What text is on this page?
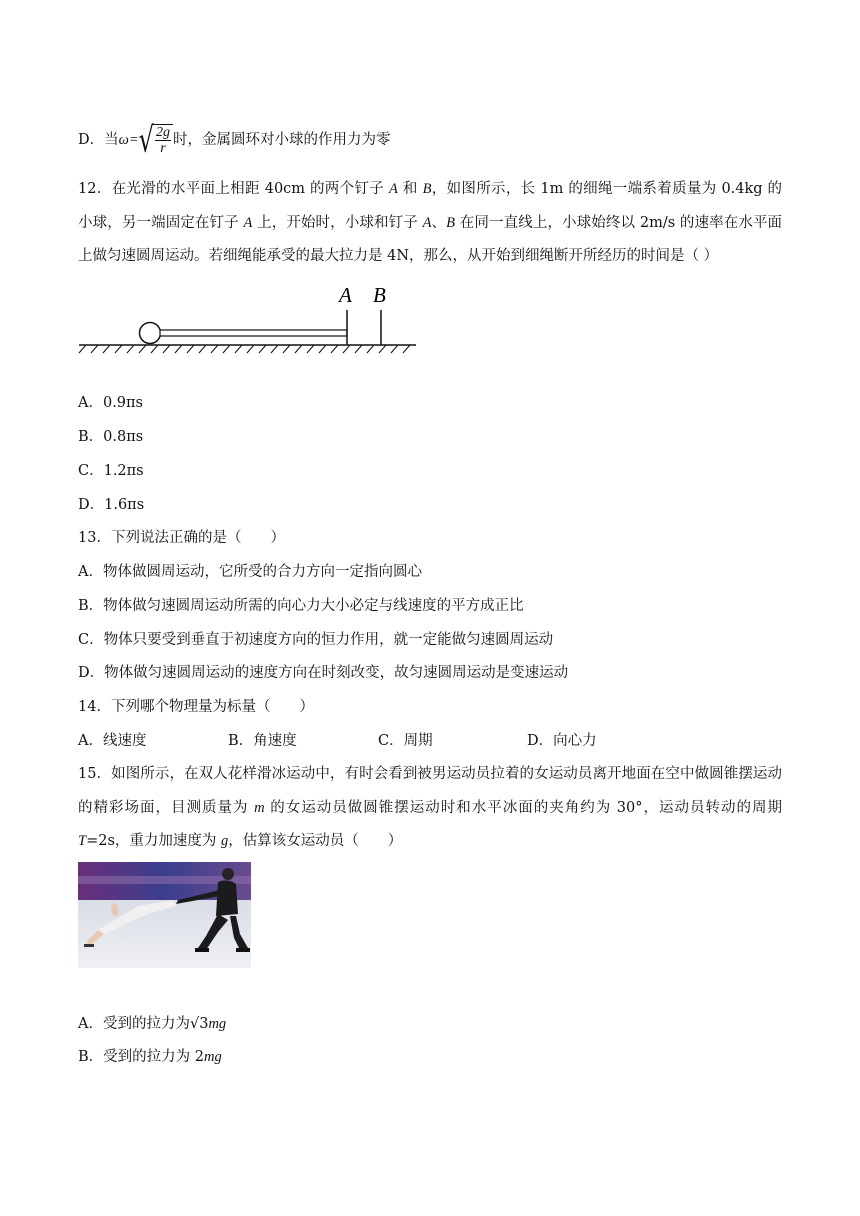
D．当ω= √ $\frac{2g}{r}$ 时，金属圆环对小球的作用力为零
12．在光滑的水平面上相距 40cm 的两个钉子 A 和 B，如图所示，长 1m 的细绳一端系着质量为 0.4kg 的小球，另一端固定在钉子 A 上，开始时，小球和钉子 A、B 在同一直线上，小球始终以 2m/s 的速率在水平面上做匀速圆周运动。若细绳能承受的最大拉力是 4N，那么，从开始到细绳断开所经历的时间是（ ）
A B
A．0.9πs
B．0.8πs
C．1.2πs
D．1.6πs
13．下列说法正确的是（　　）
A．物体做圆周运动，它所受的合力方向一定指向圆心
B．物体做匀速圆周运动所需的向心力大小必定与线速度的平方成正比
C．物体只要受到垂直于初速度方向的恒力作用，就一定能做匀速圆周运动
D．物体做匀速圆周运动的速度方向在时刻改变，故匀速圆周运动是变速运动
14．下列哪个物理量为标量（　　）
A．线速度	B．角速度	C．周期	D．向心力
15．如图所示，在双人花样滑冰运动中，有时会看到被男运动员拉着的女运动员离开地面在空中做圆锥摆运动的精彩场面，目测质量为 m 的女运动员做圆锥摆运动时和水平冰面的夹角约为 30°，运动员转动的周期T=2s，重力加速度为 g，估算该女运动员（　　）
A．受到的拉力为√3mg
B．受到的拉力为 2mg
